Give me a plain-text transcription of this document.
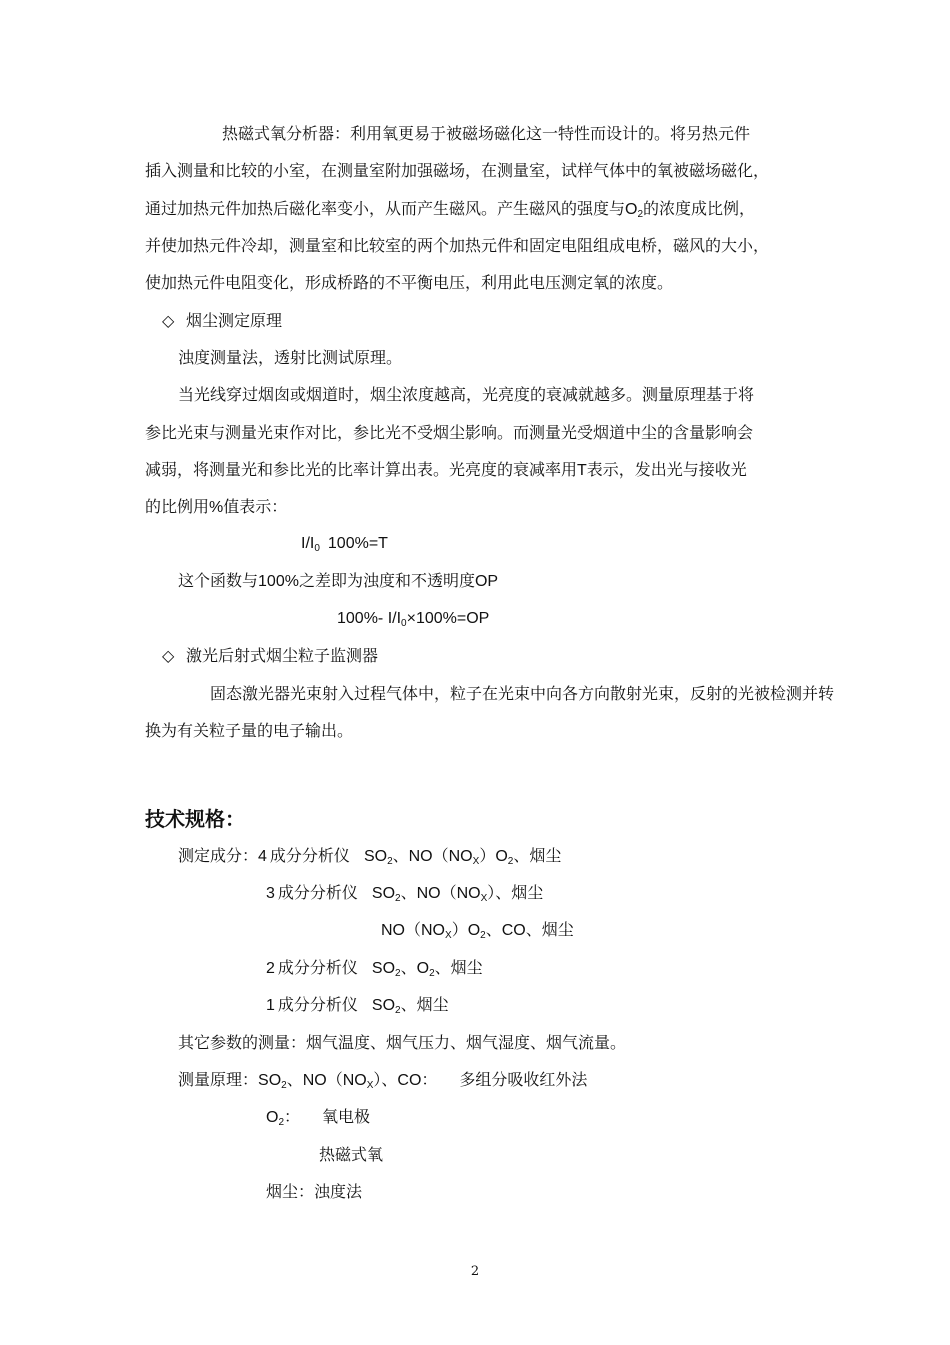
热磁式氧分析器：利用氧更易于被磁场磁化这一特性而设计的。将另热元件
插入测量和比较的小室，在测量室附加强磁场，在测量室，试样气体中的氧被磁场磁化，
通过加热元件加热后磁化率变小，从而产生磁风。产生磁风的强度与$O_2$的浓度成比例，
并使加热元件冷却，测量室和比较室的两个加热元件和固定电阻组成电桥，磁风的大小，
使加热元件电阻变化，形成桥路的不平衡电压，利用此电压测定氧的浓度。
◇ 烟尘测定原理
浊度测量法，透射比测试原理。
当光线穿过烟囱或烟道时，烟尘浓度越高，光亮度的衰减就越多。测量原理基于将
参比光束与测量光束作对比，参比光不受烟尘影响。而测量光受烟道中尘的含量影响会
减弱，将测量光和参比光的比率计算出表。光亮度的衰减率用T表示，发出光与接收光
的比例用%值表示：
$I/I_0$ 100%=T
这个函数与100%之差即为浊度和不透明度OP
100%- $I/I_0\times 100\%=OP$
◇ 激光后射式烟尘粒子监测器
固态激光器光束射入过程气体中，粒子在光束中向各方向散射光束，反射的光被检测并转
换为有关粒子量的电子输出。
技术规格：
测定成分：4 成分分析仪 $SO_2$、$NO(NO_X)O_2$、烟尘
3 成分分析仪 $SO_2$、$NO(NO_X)$、烟尘
$NO(NO_X)O_2$、CO、烟尘
2 成分分析仪 $SO_2$、$O_2$、烟尘
1 成分分析仪 $SO_2$、烟尘
其它参数的测量：烟气温度、烟气压力、烟气湿度、烟气流量。
测量原理：$SO_2$、$NO(NO_X)$、CO： 多组分吸收红外法
$O_2$： 氧电极
热磁式氧
烟尘：浊度法
2
